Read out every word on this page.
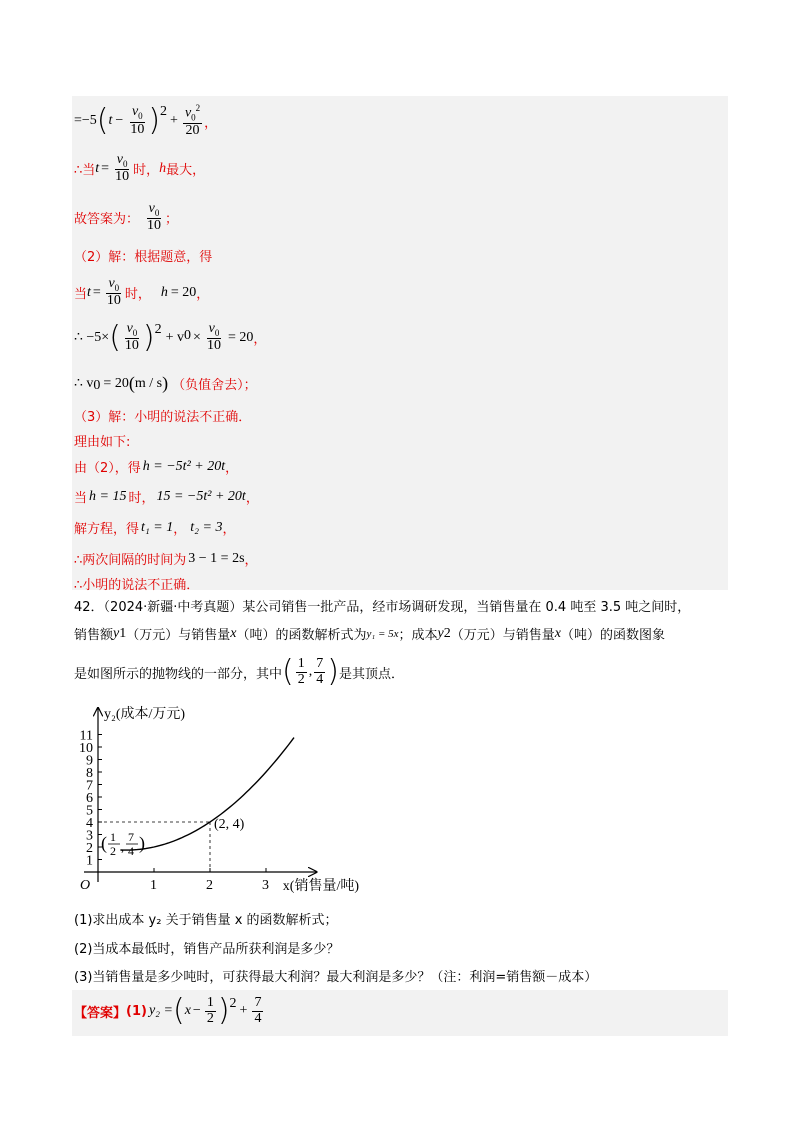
=−5 ( $t - \frac{v_0}{10}$ ) 2
+ $\frac{v_0^2}{20}$ ，
∴当 $t = \frac{v_0}{10}$ 时， h 最大，
故答案为： $\frac{v_0}{10}$ ；
（2）解：根据题意，得
当 $t = \frac{v_0}{10}$ 时， h = 20 ，
∴ −5× ( $\frac{v_0}{10}$ ) 2
+ v $0 \times \frac{v_0}{10} = 20$ ，
∴ v 0 = 20 ( m / s ) （负值舍去）；
（3）解：小明的说法不正确．
理由如下:
由（2），得 h = −5t² + 20t ，
当 h = 15 时， 15 = −5t² + 20t ，
解方程，得 t₁ = 1 ， t₂ = 3 ，
∴两次间隔的时间为 3 − 1 = 2s ，
∴小明的说法不正确．
42．（2024·新疆·中考真题）某公司销售一批产品，经市场调研发现，当销售量在 0.4 吨至 3.5 吨之间时，
销售额 y 1 （万元）与销售量 x （吨）的函数解析式为 y₁ = 5x ；成本 y 2 （万元）与销售量 x （吨）的函数图象
是如图所示的抛物线的一部分，其中 ( $\frac{1}{2}$ , $\frac{7}{4}$ ) 是其顶点．
1	2	3
1
2
3
4
5
6
7
8
9
10
11
O
y₂(成本/万元)
x(销售量/吨)
(2, 4)
( 1
2 ,
7
4 )
(1)求出成本 y₂ 关于销售量 x 的函数解析式；
(2)当成本最低时，销售产品所获利润是多少？
(3)当销售量是多少吨时，可获得最大利润？最大利润是多少？（注：利润=销售额－成本）
【答案】 (1) y₂ = ( $x - \frac{1}{2}$ ) $2 + \frac{7}{4}$
